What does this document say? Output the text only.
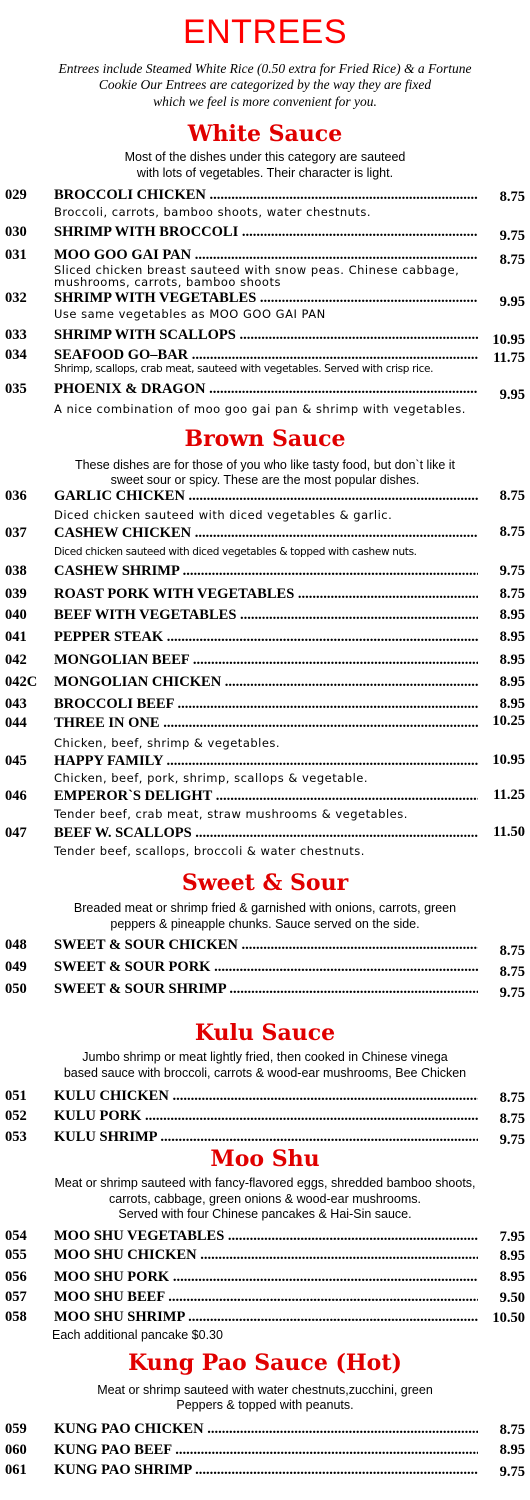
ENTREES
Entrees include Steamed White Rice (0.50 extra for Fried Rice) & a Fortune
Cookie Our Entrees are categorized by the way they are fixed
which we feel is more convenient for you.
White Sauce
Most of the dishes under this category are sauteed
with lots of vegetables. Their character is light.
029 BROCCOLI CHICKEN .....	8.75
Broccoli, carrots, bamboo shoots, water chestnuts.
030 SHRIMP WITH BROCCOLI .....	9.75
031 MOO GOO GAI PAN .....	8.75
Sliced chicken breast sauteed with snow peas. Chinese cabbage,
mushrooms, carrots, bamboo shoots
032 SHRIMP WITH VEGETABLES .....	9.95
Use same vegetables as MOO GOO GAI PAN
033 SHRIMP WITH SCALLOPS .....	10.95
034 SEAFOOD GO–BAR .....	11.75
Shrimp, scallops, crab meat, sauteed with vegetables. Served with crisp rice.
035 PHOENIX & DRAGON .....	9.95
A nice combination of moo goo gai pan & shrimp with vegetables.
Brown Sauce
These dishes are for those of you who like tasty food, but don`t like it
sweet sour or spicy. These are the most popular dishes.
036 GARLIC CHICKEN .....	8.75
Diced chicken sauteed with diced vegetables & garlic.
037 CASHEW CHICKEN .....	8.75
Diced chicken sauteed with diced vegetables & topped with cashew nuts.
038 CASHEW SHRIMP .....	9.75
039 ROAST PORK WITH VEGETABLES .....	8.75
040 BEEF WITH VEGETABLES .....	8.95
041 PEPPER STEAK .....	8.95
042 MONGOLIAN BEEF .....	8.95
042C MONGOLIAN CHICKEN .....	8.95
043 BROCCOLI BEEF .....	8.95
044 THREE IN ONE .....	10.25
Chicken, beef, shrimp & vegetables.
045 HAPPY FAMILY .....	10.95
Chicken, beef, pork, shrimp, scallops & vegetable.
046 EMPEROR`S DELIGHT .....	11.25
Tender beef, crab meat, straw mushrooms & vegetables.
047 BEEF W. SCALLOPS .....	11.50
Tender beef, scallops, broccoli & water chestnuts.
Sweet & Sour
Breaded meat or shrimp fried & garnished with onions, carrots, green
peppers & pineapple chunks. Sauce served on the side.
048 SWEET & SOUR CHICKEN .....	8.75
049 SWEET & SOUR PORK .....	8.75
050 SWEET & SOUR SHRIMP .....	9.75
Kulu Sauce
Jumbo shrimp or meat lightly fried, then cooked in Chinese vinega
based sauce with broccoli, carrots & wood-ear mushrooms, Bee Chicken
051 KULU CHICKEN .....	8.75
052 KULU PORK .....	8.75
053 KULU SHRIMP .....	9.75
Moo Shu
Meat or shrimp sauteed with fancy-flavored eggs, shredded bamboo shoots,
carrots, cabbage, green onions & wood-ear mushrooms.
Served with four Chinese pancakes & Hai-Sin sauce.
054 MOO SHU VEGETABLES .....	7.95
055 MOO SHU CHICKEN .....	8.95
056 MOO SHU PORK .....	8.95
057 MOO SHU BEEF .....	9.50
058 MOO SHU SHRIMP .....	10.50
Each additional pancake $0.30
Kung Pao Sauce (Hot)
Meat or shrimp sauteed with water chestnuts,zucchini, green
Peppers & topped with peanuts.
059 KUNG PAO CHICKEN .....	8.75
060 KUNG PAO BEEF .....	8.95
061 KUNG PAO SHRIMP .....	9.75
